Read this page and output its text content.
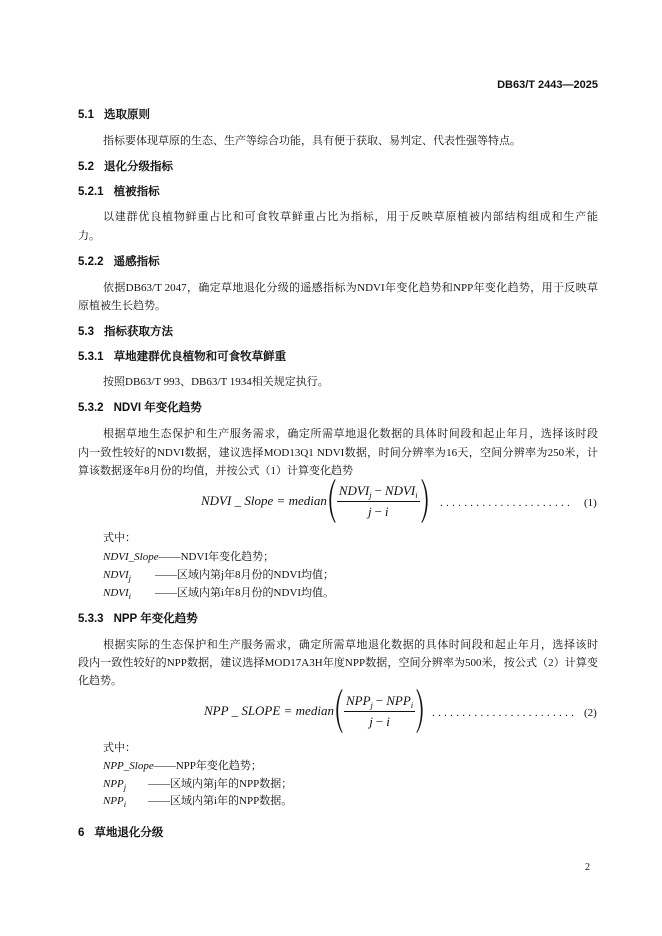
DB63/T 2443—2025
5.1 选取原则
指标要体现草原的生态、生产等综合功能，具有便于获取、易判定、代表性强等特点。
5.2 退化分级指标
5.2.1 植被指标
以建群优良植物鲜重占比和可食牧草鲜重占比为指标，用于反映草原植被内部结构组成和生产能
力。
5.2.2 遥感指标
依据DB63/T 2047，确定草地退化分级的遥感指标为NDVI年变化趋势和NPP年变化趋势，用于反映草
原植被生长趋势。
5.3 指标获取方法
5.3.1 草地建群优良植物和可食牧草鲜重
按照DB63/T 993、DB63/T 1934相关规定执行。
5.3.2 NDVI 年变化趋势
根据草地生态保护和生产服务需求，确定所需草地退化数据的具体时间段和起止年月，选择该时段
内一致性较好的NDVI数据，建议选择MOD13Q1 NDVI数据，时间分辨率为16天，空间分辨率为250米，计
算该数据逐年8月份的均值，并按公式（1）计算变化趋势
NDVI _ Slope = median $\frac{NDVI_j - NDVI_i}{j - i}$ ...................... (1)
式中：
NDVI_Slope——NDVI年变化趋势；
$NDVI_j$ ——区域内第j年8月份的NDVI均值；
$NDVI_i$ ——区域内第i年8月份的NDVI均值。
5.3.3 NPP 年变化趋势
根据实际的生态保护和生产服务需求，确定所需草地退化数据的具体时间段和起止年月，选择该时
段内一致性较好的NPP数据，建议选择MOD17A3H年度NPP数据，空间分辨率为500米，按公式（2）计算变
化趋势。
NPP _ SLOPE = median $\frac{NPP_j - NPP_i}{j - i}$ ........................ (2)
式中：
NPP_Slope——NPP年变化趋势；
$NPP_j$ ——区域内第j年的NPP数据；
$NPP_i$ ——区域内第i年的NPP数据。
6 草地退化分级
2
